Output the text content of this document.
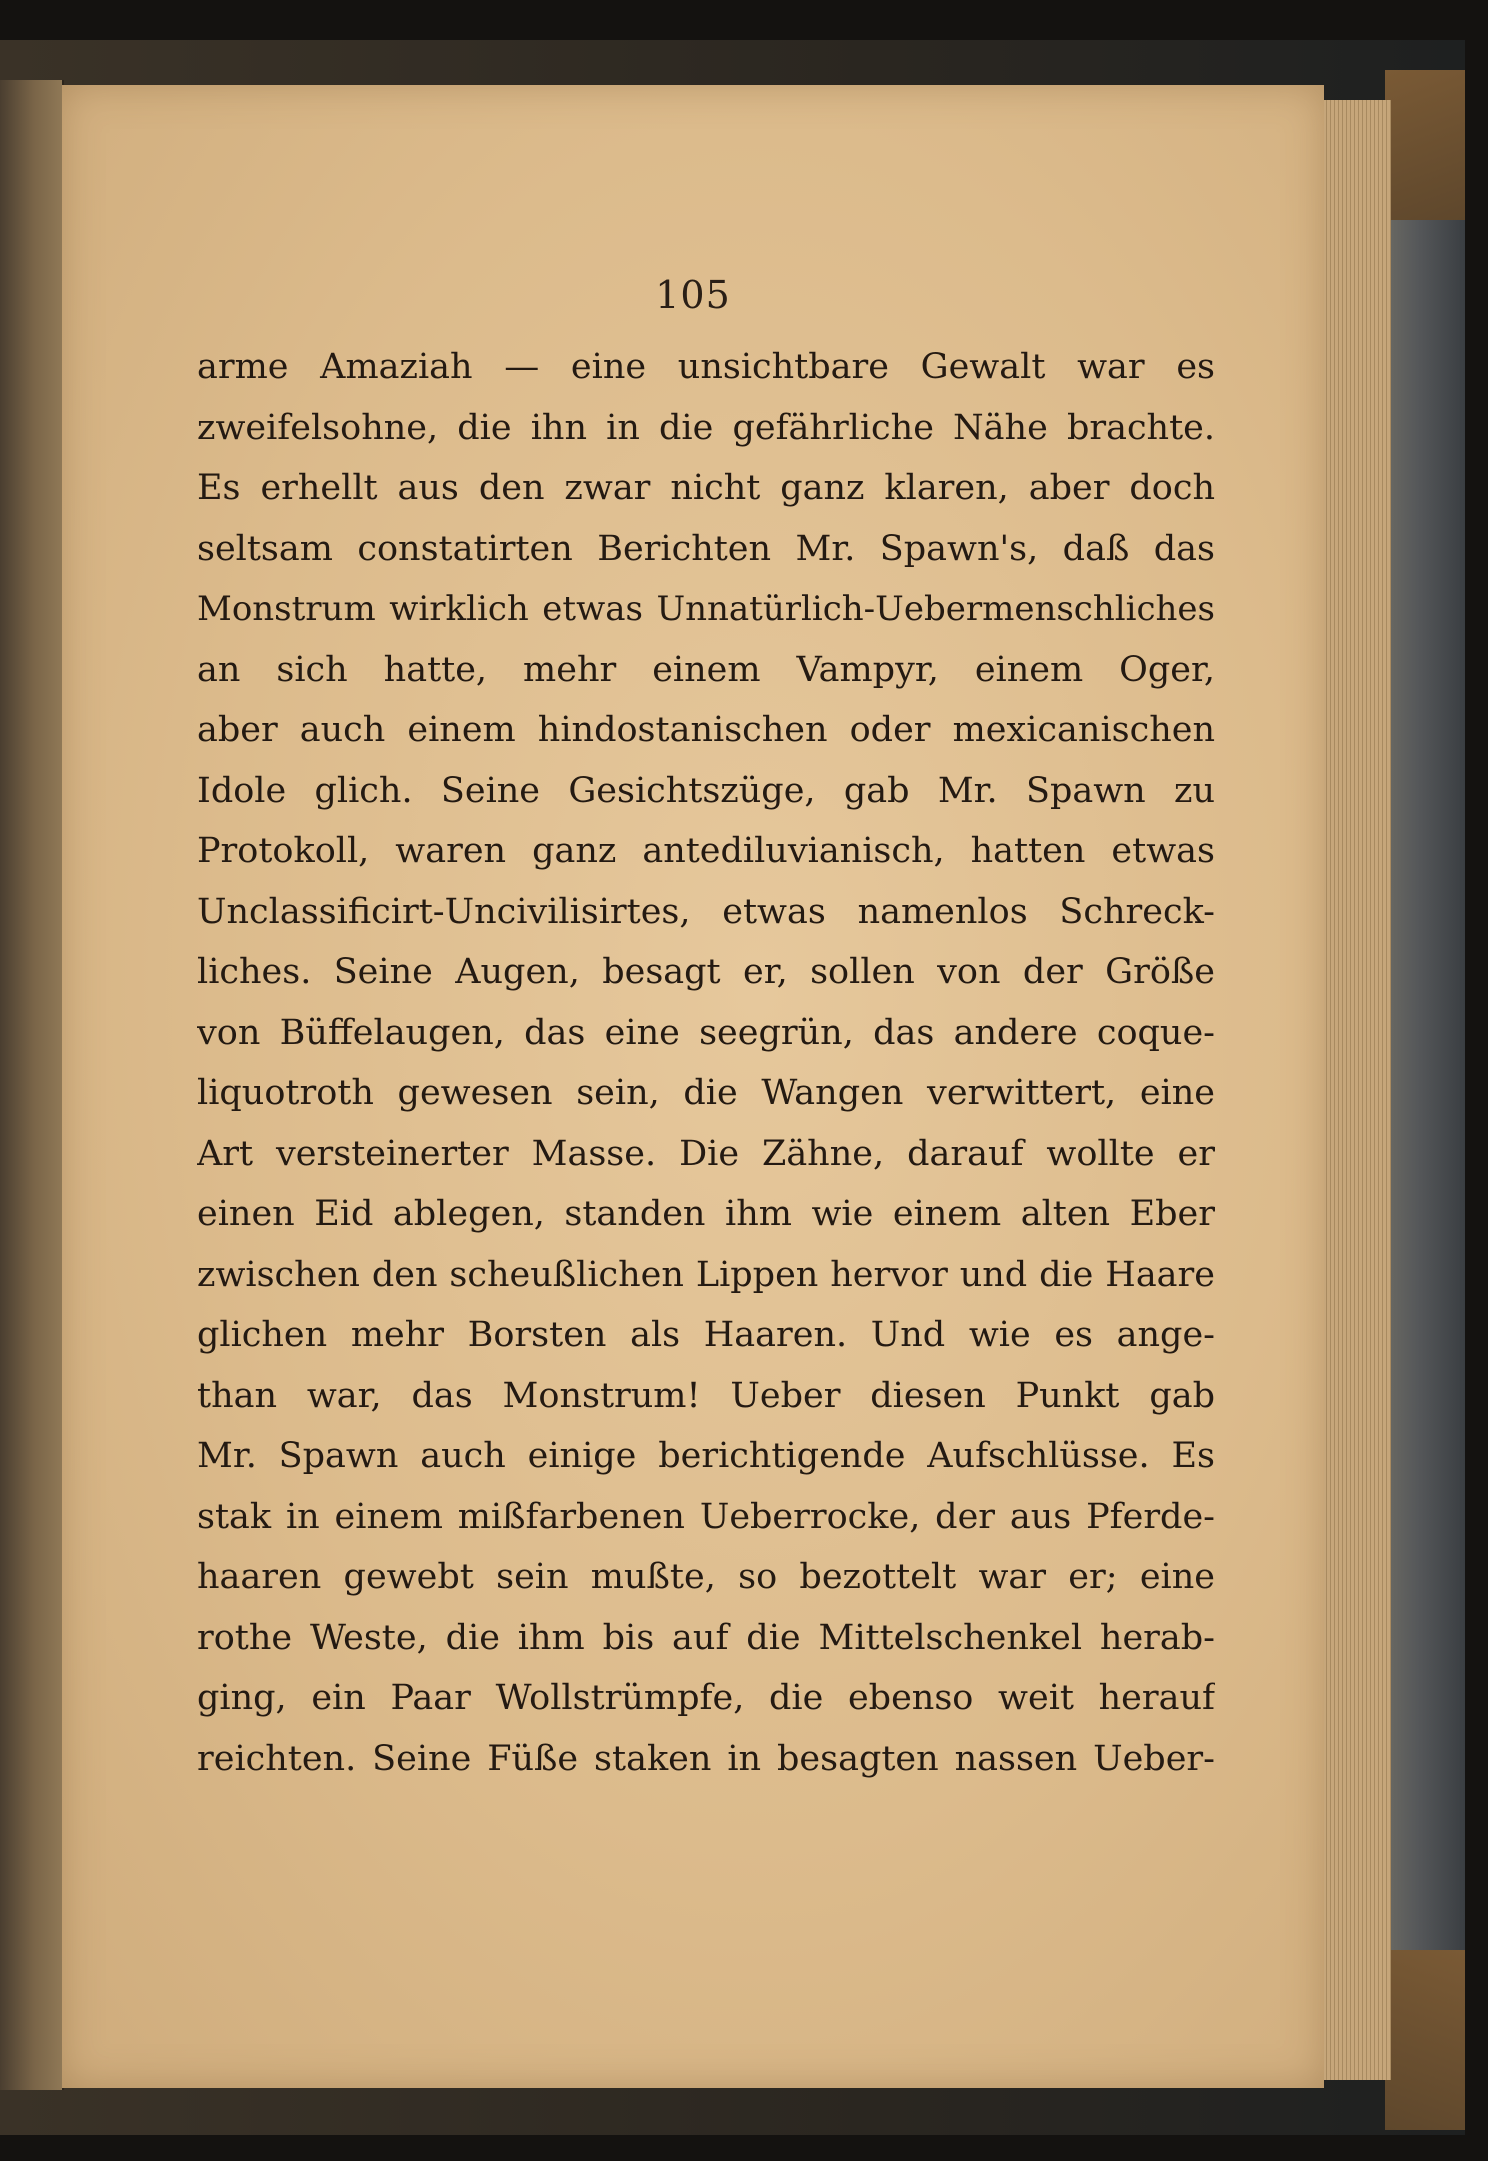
105
arme Amaziah — eine unsichtbare Gewalt war es
zweifelsohne, die ihn in die gefährliche Nähe brachte.
Es erhellt aus den zwar nicht ganz klaren, aber doch
seltsam constatirten Berichten Mr. Spawn's, daß das
Monstrum wirklich etwas Unnatürlich-Uebermenschliches
an sich hatte, mehr einem Vampyr, einem Oger,
aber auch einem hindostanischen oder mexicanischen
Idole glich. Seine Gesichtszüge, gab Mr. Spawn zu
Protokoll, waren ganz antediluvianisch, hatten etwas
Unclassificirt-Uncivilisirtes, etwas namenlos Schreck-
liches. Seine Augen, besagt er, sollen von der Größe
von Büffelaugen, das eine seegrün, das andere coque-
liquotroth gewesen sein, die Wangen verwittert, eine
Art versteinerter Masse. Die Zähne, darauf wollte er
einen Eid ablegen, standen ihm wie einem alten Eber
zwischen den scheußlichen Lippen hervor und die Haare
glichen mehr Borsten als Haaren. Und wie es ange-
than war, das Monstrum! Ueber diesen Punkt gab
Mr. Spawn auch einige berichtigende Aufschlüsse. Es
stak in einem mißfarbenen Ueberrocke, der aus Pferde-
haaren gewebt sein mußte, so bezottelt war er; eine
rothe Weste, die ihm bis auf die Mittelschenkel herab-
ging, ein Paar Wollstrümpfe, die ebenso weit herauf
reichten. Seine Füße staken in besagten nassen Ueber-
